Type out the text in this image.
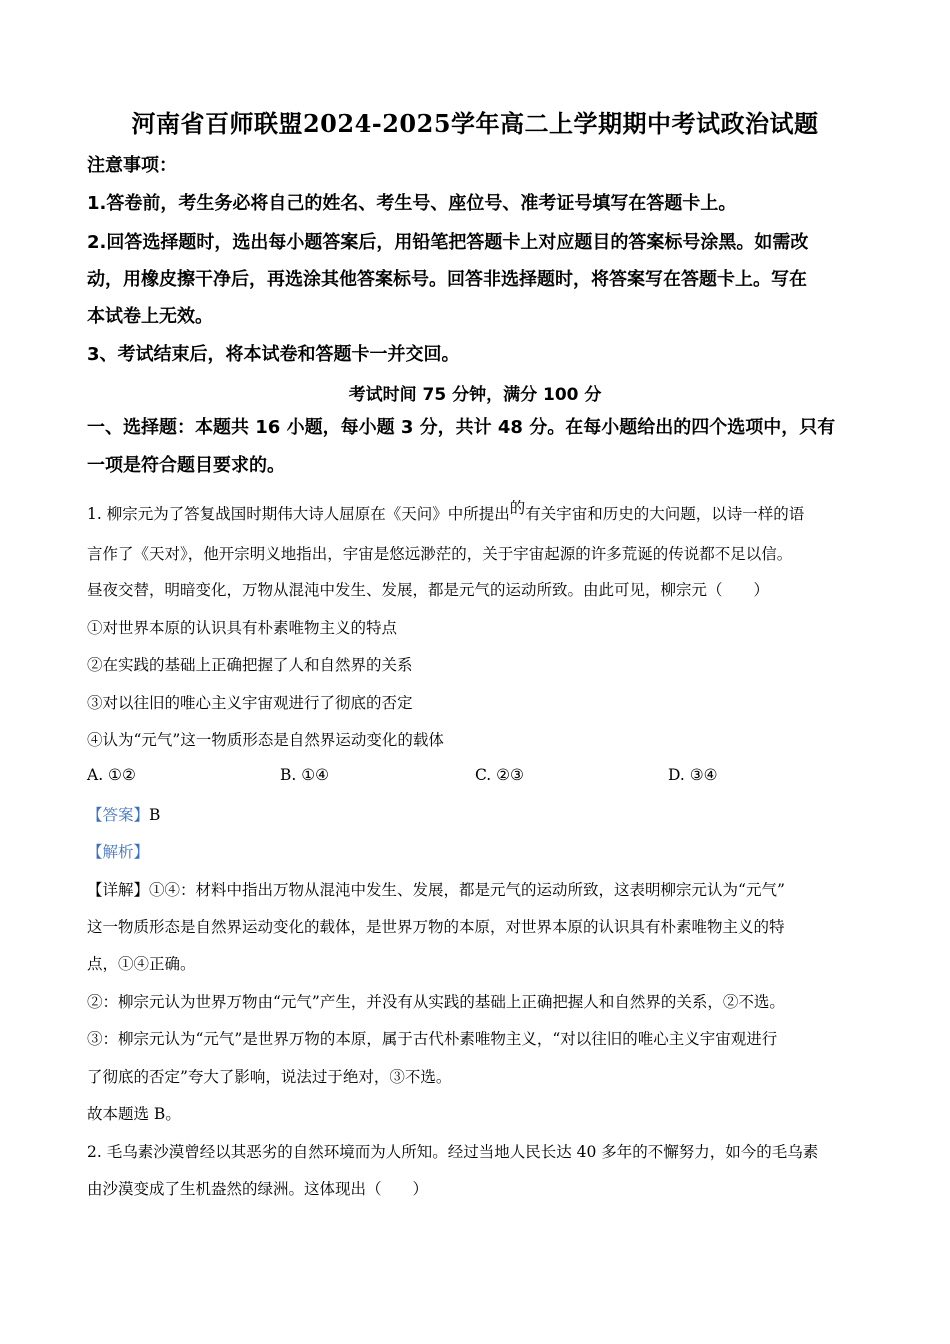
河南省百师联盟2024-2025学年高二上学期期中考试政治试题
注意事项：
1.答卷前，考生务必将自己的姓名、考生号、座位号、准考证号填写在答题卡上。
2.回答选择题时，选出每小题答案后，用铅笔把答题卡上对应题目的答案标号涂黑。如需改
动，用橡皮擦干净后，再选涂其他答案标号。回答非选择题时，将答案写在答题卡上。写在
本试卷上无效。
3、考试结束后，将本试卷和答题卡一并交回。
考试时间 75 分钟，满分 100 分
一、选择题：本题共 16 小题，每小题 3 分，共计 48 分。在每小题给出的四个选项中，只有
一项是符合题目要求的。
1. 柳宗元为了答复战国时期伟大诗人屈原在《天问》中所提出的有关宇宙和历史的大问题，以诗一样的语
言作了《天对》，他开宗明义地指出，宇宙是悠远渺茫的，关于宇宙起源的许多荒诞的传说都不足以信。
昼夜交替，明暗变化，万物从混沌中发生、发展，都是元气的运动所致。由此可见，柳宗元（　　）
①对世界本原的认识具有朴素唯物主义的特点
②在实践的基础上正确把握了人和自然界的关系
③对以往旧的唯心主义宇宙观进行了彻底的否定
④认为“元气”这一物质形态是自然界运动变化的载体
A. ①②	B. ①④	C. ②③	D. ③④
【答案】B
【解析】
【详解】①④：材料中指出万物从混沌中发生、发展，都是元气的运动所致，这表明柳宗元认为“元气”
这一物质形态是自然界运动变化的载体，是世界万物的本原，对世界本原的认识具有朴素唯物主义的特
点，①④正确。
②：柳宗元认为世界万物由“元气”产生，并没有从实践的基础上正确把握人和自然界的关系，②不选。
③：柳宗元认为“元气”是世界万物的本原，属于古代朴素唯物主义，“对以往旧的唯心主义宇宙观进行
了彻底的否定”夸大了影响，说法过于绝对，③不选。
故本题选 B。
2. 毛乌素沙漠曾经以其恶劣的自然环境而为人所知。经过当地人民长达 40 多年的不懈努力，如今的毛乌素
由沙漠变成了生机盎然的绿洲。这体现出（　　）
